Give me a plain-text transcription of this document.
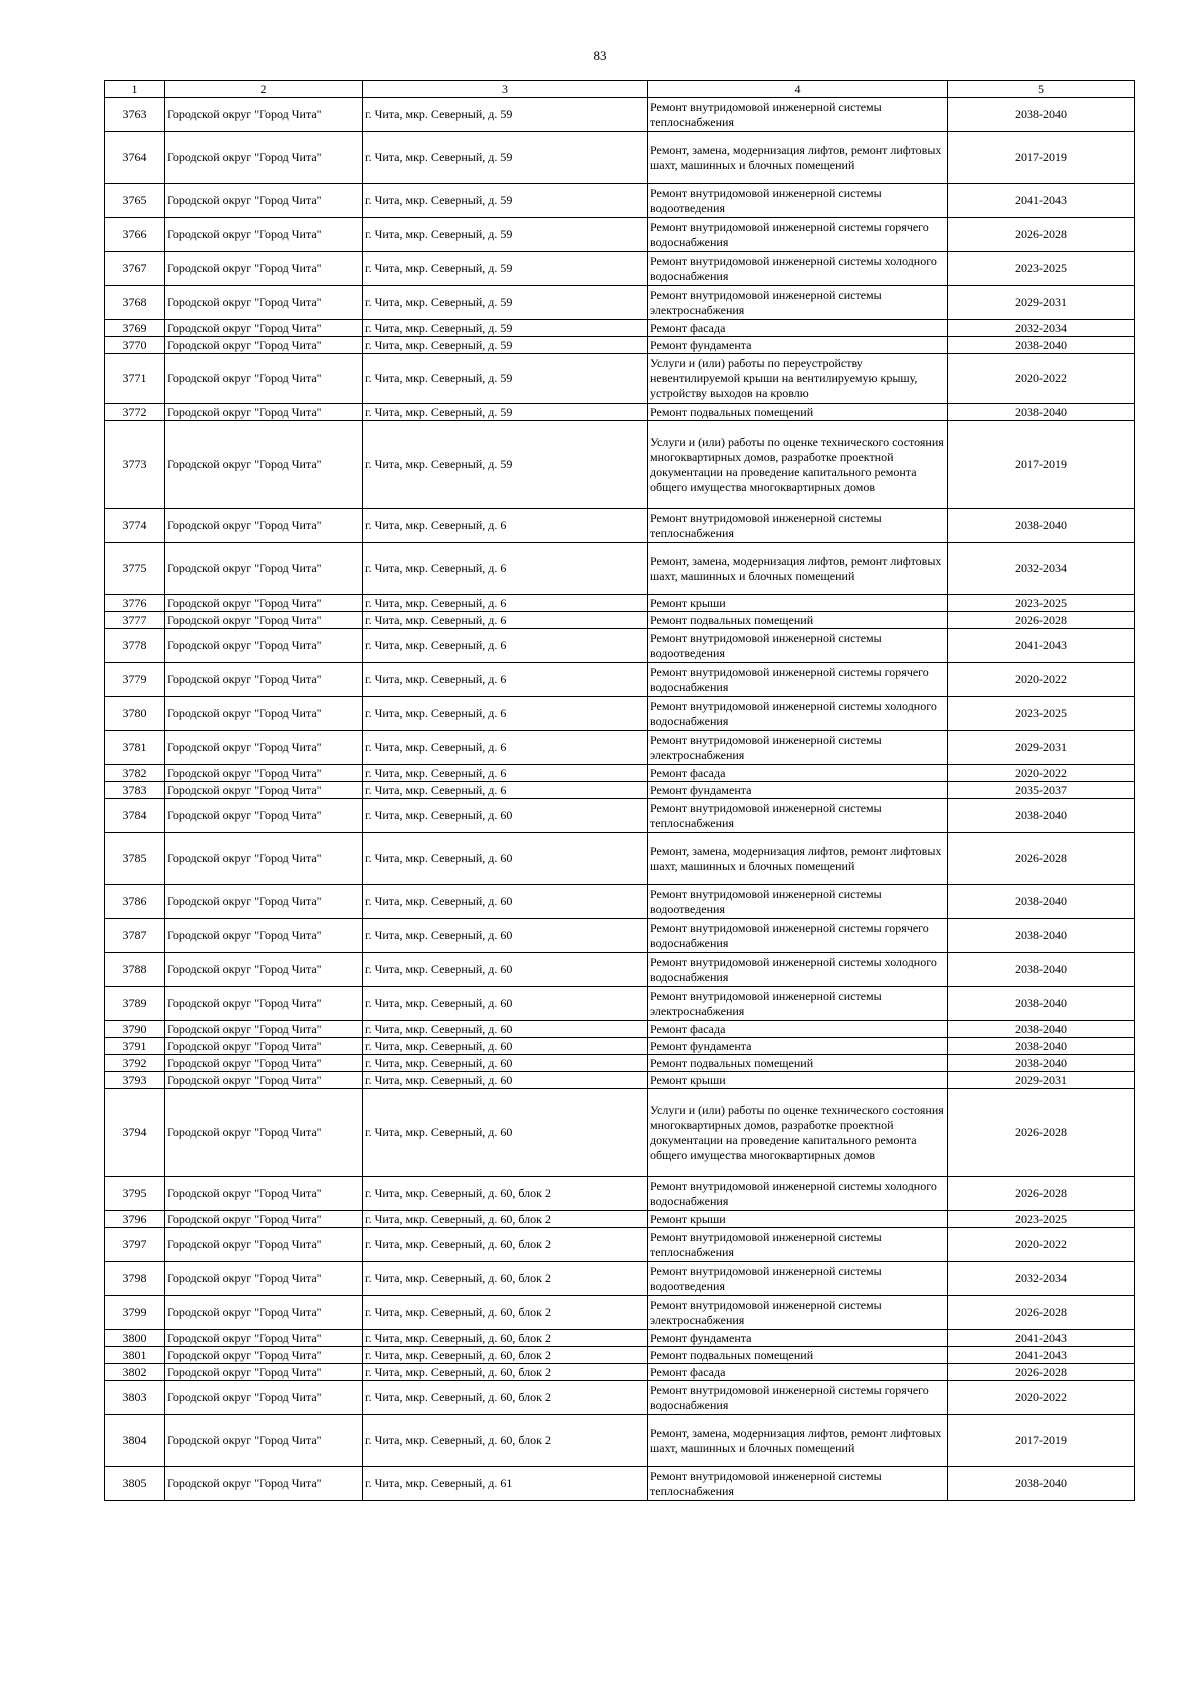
83
1	2	3	4	5
3763	Городской округ "Город Чита"	г. Чита, мкр. Северный, д. 59	Ремонт внутридомовой инженерной системы теплоснабжения	2038-2040
3764	Городской округ "Город Чита"	г. Чита, мкр. Северный, д. 59	Ремонт, замена, модернизация лифтов, ремонт лифтовых шахт, машинных и блочных помещений	2017-2019
3765	Городской округ "Город Чита"	г. Чита, мкр. Северный, д. 59	Ремонт внутридомовой инженерной системы водоотведения	2041-2043
3766	Городской округ "Город Чита"	г. Чита, мкр. Северный, д. 59	Ремонт внутридомовой инженерной системы горячего водоснабжения	2026-2028
3767	Городской округ "Город Чита"	г. Чита, мкр. Северный, д. 59	Ремонт внутридомовой инженерной системы холодного водоснабжения	2023-2025
3768	Городской округ "Город Чита"	г. Чита, мкр. Северный, д. 59	Ремонт внутридомовой инженерной системы электроснабжения	2029-2031
3769	Городской округ "Город Чита"	г. Чита, мкр. Северный, д. 59	Ремонт фасада	2032-2034
3770	Городской округ "Город Чита"	г. Чита, мкр. Северный, д. 59	Ремонт фундамента	2038-2040
3771	Городской округ "Город Чита"	г. Чита, мкр. Северный, д. 59	Услуги и (или) работы по переустройству невентилируемой крыши на вентилируемую крышу, устройству выходов на кровлю	2020-2022
3772	Городской округ "Город Чита"	г. Чита, мкр. Северный, д. 59	Ремонт подвальных помещений	2038-2040
3773	Городской округ "Город Чита"	г. Чита, мкр. Северный, д. 59	Услуги и (или) работы по оценке технического состояния многоквартирных домов, разработке проектной документации на проведение капитального ремонта общего имущества многоквартирных домов	2017-2019
3774	Городской округ "Город Чита"	г. Чита, мкр. Северный, д. 6	Ремонт внутридомовой инженерной системы теплоснабжения	2038-2040
3775	Городской округ "Город Чита"	г. Чита, мкр. Северный, д. 6	Ремонт, замена, модернизация лифтов, ремонт лифтовых шахт, машинных и блочных помещений	2032-2034
3776	Городской округ "Город Чита"	г. Чита, мкр. Северный, д. 6	Ремонт крыши	2023-2025
3777	Городской округ "Город Чита"	г. Чита, мкр. Северный, д. 6	Ремонт подвальных помещений	2026-2028
3778	Городской округ "Город Чита"	г. Чита, мкр. Северный, д. 6	Ремонт внутридомовой инженерной системы водоотведения	2041-2043
3779	Городской округ "Город Чита"	г. Чита, мкр. Северный, д. 6	Ремонт внутридомовой инженерной системы горячего водоснабжения	2020-2022
3780	Городской округ "Город Чита"	г. Чита, мкр. Северный, д. 6	Ремонт внутридомовой инженерной системы холодного водоснабжения	2023-2025
3781	Городской округ "Город Чита"	г. Чита, мкр. Северный, д. 6	Ремонт внутридомовой инженерной системы электроснабжения	2029-2031
3782	Городской округ "Город Чита"	г. Чита, мкр. Северный, д. 6	Ремонт фасада	2020-2022
3783	Городской округ "Город Чита"	г. Чита, мкр. Северный, д. 6	Ремонт фундамента	2035-2037
3784	Городской округ "Город Чита"	г. Чита, мкр. Северный, д. 60	Ремонт внутридомовой инженерной системы теплоснабжения	2038-2040
3785	Городской округ "Город Чита"	г. Чита, мкр. Северный, д. 60	Ремонт, замена, модернизация лифтов, ремонт лифтовых шахт, машинных и блочных помещений	2026-2028
3786	Городской округ "Город Чита"	г. Чита, мкр. Северный, д. 60	Ремонт внутридомовой инженерной системы водоотведения	2038-2040
3787	Городской округ "Город Чита"	г. Чита, мкр. Северный, д. 60	Ремонт внутридомовой инженерной системы горячего водоснабжения	2038-2040
3788	Городской округ "Город Чита"	г. Чита, мкр. Северный, д. 60	Ремонт внутридомовой инженерной системы холодного водоснабжения	2038-2040
3789	Городской округ "Город Чита"	г. Чита, мкр. Северный, д. 60	Ремонт внутридомовой инженерной системы электроснабжения	2038-2040
3790	Городской округ "Город Чита"	г. Чита, мкр. Северный, д. 60	Ремонт фасада	2038-2040
3791	Городской округ "Город Чита"	г. Чита, мкр. Северный, д. 60	Ремонт фундамента	2038-2040
3792	Городской округ "Город Чита"	г. Чита, мкр. Северный, д. 60	Ремонт подвальных помещений	2038-2040
3793	Городской округ "Город Чита"	г. Чита, мкр. Северный, д. 60	Ремонт крыши	2029-2031
3794	Городской округ "Город Чита"	г. Чита, мкр. Северный, д. 60	Услуги и (или) работы по оценке технического состояния многоквартирных домов, разработке проектной документации на проведение капитального ремонта общего имущества многоквартирных домов	2026-2028
3795	Городской округ "Город Чита"	г. Чита, мкр. Северный, д. 60, блок 2	Ремонт внутридомовой инженерной системы холодного водоснабжения	2026-2028
3796	Городской округ "Город Чита"	г. Чита, мкр. Северный, д. 60, блок 2	Ремонт крыши	2023-2025
3797	Городской округ "Город Чита"	г. Чита, мкр. Северный, д. 60, блок 2	Ремонт внутридомовой инженерной системы теплоснабжения	2020-2022
3798	Городской округ "Город Чита"	г. Чита, мкр. Северный, д. 60, блок 2	Ремонт внутридомовой инженерной системы водоотведения	2032-2034
3799	Городской округ "Город Чита"	г. Чита, мкр. Северный, д. 60, блок 2	Ремонт внутридомовой инженерной системы электроснабжения	2026-2028
3800	Городской округ "Город Чита"	г. Чита, мкр. Северный, д. 60, блок 2	Ремонт фундамента	2041-2043
3801	Городской округ "Город Чита"	г. Чита, мкр. Северный, д. 60, блок 2	Ремонт подвальных помещений	2041-2043
3802	Городской округ "Город Чита"	г. Чита, мкр. Северный, д. 60, блок 2	Ремонт фасада	2026-2028
3803	Городской округ "Город Чита"	г. Чита, мкр. Северный, д. 60, блок 2	Ремонт внутридомовой инженерной системы горячего водоснабжения	2020-2022
3804	Городской округ "Город Чита"	г. Чита, мкр. Северный, д. 60, блок 2	Ремонт, замена, модернизация лифтов, ремонт лифтовых шахт, машинных и блочных помещений	2017-2019
3805	Городской округ "Город Чита"	г. Чита, мкр. Северный, д. 61	Ремонт внутридомовой инженерной системы теплоснабжения	2038-2040
